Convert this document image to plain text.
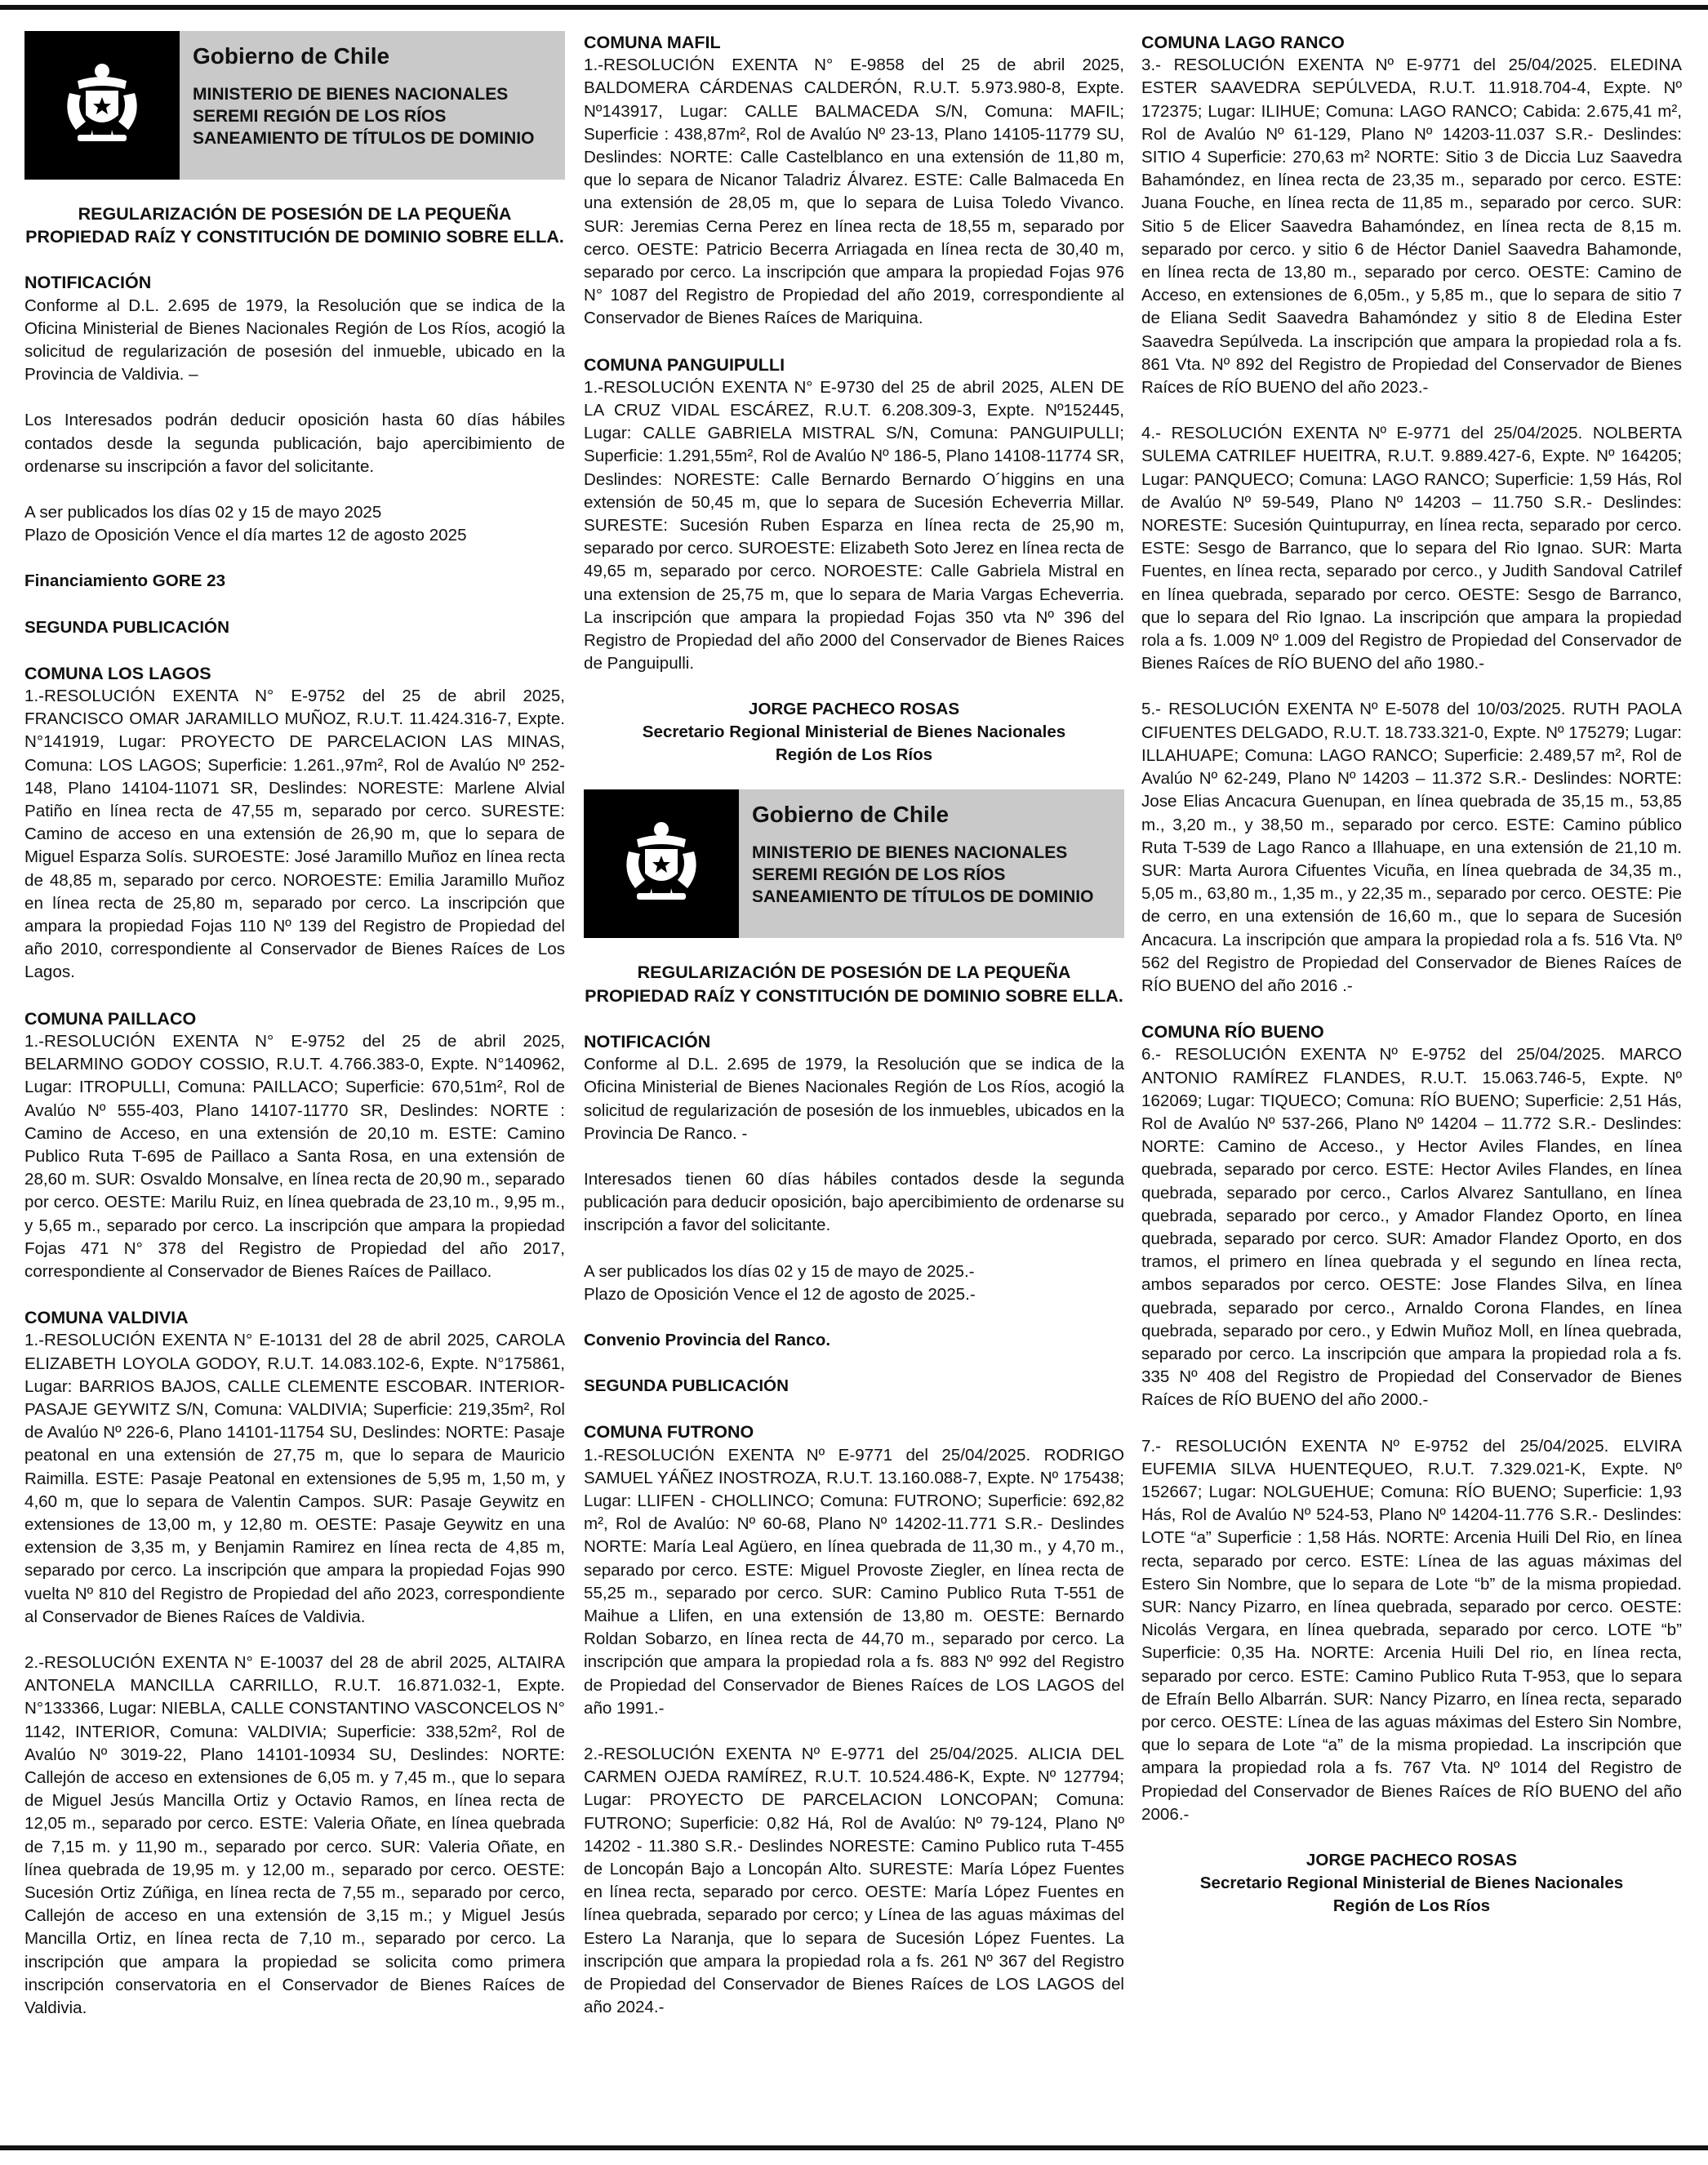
Gobierno de Chile
MINISTERIO DE BIENES NACIONALES
SEREMI REGIÓN DE LOS RÍOS
SANEAMIENTO DE TÍTULOS DE DOMINIO
REGULARIZACIÓN DE POSESIÓN DE LA PEQUEÑA
PROPIEDAD RAÍZ Y CONSTITUCIÓN DE DOMINIO SOBRE ELLA.
NOTIFICACIÓN

Conforme al D.L. 2.695 de 1979, la Resolución que se indica de la Oficina Ministerial de Bienes Nacionales Región de Los Ríos, acogió la solicitud de regularización de posesión del inmueble, ubicado en la Provincia de Valdivia. –

Los Interesados podrán deducir oposición hasta 60 días hábiles contados desde la segunda publicación, bajo apercibimiento de ordenarse su inscripción a favor del solicitante.

A ser publicados los días 02 y 15 de mayo 2025

Plazo de Oposición Vence el día martes 12 de agosto 2025

Financiamiento GORE 23

SEGUNDA PUBLICACIÓN

COMUNA LOS LAGOS

1.-RESOLUCIÓN EXENTA N° E-9752 del 25 de abril 2025, FRANCISCO OMAR JARAMILLO MUÑOZ, R.U.T. 11.424.316-7, Expte. N°141919, Lugar: PROYECTO DE PARCELACION LAS MINAS, Comuna: LOS LAGOS; Superficie: 1.261.,97m², Rol de Avalúo Nº 252-148, Plano 14104-11071 SR, Deslindes: NORESTE: Marlene Alvial Patiño en línea recta de 47,55 m, separado por cerco. SURESTE: Camino de acceso en una extensión de 26,90 m, que lo separa de Miguel Esparza Solís. SUROESTE: José Jaramillo Muñoz en línea recta de 48,85 m, separado por cerco. NOROESTE: Emilia Jaramillo Muñoz en línea recta de 25,80 m, separado por cerco. La inscripción que ampara la propiedad Fojas 110 Nº 139 del Registro de Propiedad del año 2010, correspondiente al Conservador de Bienes Raíces de Los Lagos.

COMUNA PAILLACO

1.-RESOLUCIÓN EXENTA N° E-9752 del 25 de abril 2025, BELARMINO GODOY COSSIO, R.U.T. 4.766.383-0, Expte. N°140962, Lugar: ITROPULLI, Comuna: PAILLACO; Superficie: 670,51m², Rol de Avalúo Nº 555-403, Plano 14107-11770 SR, Deslindes: NORTE : Camino de Acceso, en una extensión de 20,10 m. ESTE: Camino Publico Ruta T-695 de Paillaco a Santa Rosa, en una extensión de 28,60 m. SUR: Osvaldo Monsalve, en línea recta de 20,90 m., separado por cerco. OESTE: Marilu Ruiz, en línea quebrada de 23,10 m., 9,95 m., y 5,65 m., separado por cerco. La inscripción que ampara la propiedad Fojas 471 N° 378 del Registro de Propiedad del año 2017, correspondiente al Conservador de Bienes Raíces de Paillaco.

COMUNA VALDIVIA

1.-RESOLUCIÓN EXENTA N° E-10131 del 28 de abril 2025, CAROLA ELIZABETH LOYOLA GODOY, R.U.T. 14.083.102-6, Expte. N°175861, Lugar: BARRIOS BAJOS, CALLE CLEMENTE ESCOBAR. INTERIOR-PASAJE GEYWITZ S/N, Comuna: VALDIVIA; Superficie: 219,35m², Rol de Avalúo Nº 226-6, Plano 14101-11754 SU, Deslindes: NORTE: Pasaje peatonal en una extensión de 27,75 m, que lo separa de Mauricio Raimilla. ESTE: Pasaje Peatonal en extensiones de 5,95 m, 1,50 m, y 4,60 m, que lo separa de Valentin Campos. SUR: Pasaje Geywitz en extensiones de 13,00 m, y 12,80 m. OESTE: Pasaje Geywitz en una extension de 3,35 m, y Benjamin Ramirez en línea recta de 4,85 m, separado por cerco. La inscripción que ampara la propiedad Fojas 990 vuelta Nº 810 del Registro de Propiedad del año 2023, correspondiente al Conservador de Bienes Raíces de Valdivia.

2.-RESOLUCIÓN EXENTA N° E-10037 del 28 de abril 2025, ALTAIRA ANTONELA MANCILLA CARRILLO, R.U.T. 16.871.032-1, Expte. N°133366, Lugar: NIEBLA, CALLE CONSTANTINO VASCONCELOS N° 1142, INTERIOR, Comuna: VALDIVIA; Superficie: 338,52m², Rol de Avalúo Nº 3019-22, Plano 14101-10934 SU, Deslindes: NORTE: Callejón de acceso en extensiones de 6,05 m. y 7,45 m., que lo separa de Miguel Jesús Mancilla Ortiz y Octavio Ramos, en línea recta de 12,05 m., separado por cerco. ESTE: Valeria Oñate, en línea quebrada de 7,15 m. y 11,90 m., separado por cerco. SUR: Valeria Oñate, en línea quebrada de 19,95 m. y 12,00 m., separado por cerco. OESTE: Sucesión Ortiz Zúñiga, en línea recta de 7,55 m., separado por cerco, Callejón de acceso en una extensión de 3,15 m.; y Miguel Jesús Mancilla Ortiz, en línea recta de 7,10 m., separado por cerco. La inscripción que ampara la propiedad se solicita como primera inscripción conservatoria en el Conservador de Bienes Raíces de Valdivia.

COMUNA MAFIL

1.-RESOLUCIÓN EXENTA N° E-9858 del 25 de abril 2025, BALDOMERA CÁRDENAS CALDERÓN, R.U.T. 5.973.980-8, Expte. Nº143917, Lugar: CALLE BALMACEDA S/N, Comuna: MAFIL; Superficie : 438,87m², Rol de Avalúo Nº 23-13, Plano 14105-11779 SU, Deslindes: NORTE: Calle Castelblanco en una extensión de 11,80 m, que lo separa de Nicanor Taladriz Álvarez. ESTE: Calle Balmaceda En una extensión de 28,05 m, que lo separa de Luisa Toledo Vivanco. SUR: Jeremias Cerna Perez en línea recta de 18,55 m, separado por cerco. OESTE: Patricio Becerra Arriagada en línea recta de 30,40 m, separado por cerco. La inscripción que ampara la propiedad Fojas 976 N° 1087 del Registro de Propiedad del año 2019, correspondiente al Conservador de Bienes Raíces de Mariquina.

COMUNA PANGUIPULLI

1.-RESOLUCIÓN EXENTA N° E-9730 del 25 de abril 2025, ALEN DE LA CRUZ VIDAL ESCÁREZ, R.U.T. 6.208.309-3, Expte. Nº152445, Lugar: CALLE GABRIELA MISTRAL S/N, Comuna: PANGUIPULLI; Superficie: 1.291,55m², Rol de Avalúo Nº 186-5, Plano 14108-11774 SR, Deslindes: NORESTE: Calle Bernardo Bernardo O´higgins en una extensión de 50,45 m, que lo separa de Sucesión Echeverria Millar. SURESTE: Sucesión Ruben Esparza en línea recta de 25,90 m, separado por cerco. SUROESTE: Elizabeth Soto Jerez en línea recta de 49,65 m, separado por cerco. NOROESTE: Calle Gabriela Mistral en una extension de 25,75 m, que lo separa de Maria Vargas Echeverria. La inscripción que ampara la propiedad Fojas 350 vta Nº 396 del Registro de Propiedad del año 2000 del Conservador de Bienes Raices de Panguipulli.

JORGE PACHECO ROSAS
Secretario Regional Ministerial de Bienes Nacionales
Región de Los Ríos
Gobierno de Chile
MINISTERIO DE BIENES NACIONALES
SEREMI REGIÓN DE LOS RÍOS
SANEAMIENTO DE TÍTULOS DE DOMINIO
REGULARIZACIÓN DE POSESIÓN DE LA PEQUEÑA
PROPIEDAD RAÍZ Y CONSTITUCIÓN DE DOMINIO SOBRE ELLA.
NOTIFICACIÓN

Conforme al D.L. 2.695 de 1979, la Resolución que se indica de la Oficina Ministerial de Bienes Nacionales Región de Los Ríos, acogió la solicitud de regularización de posesión de los inmuebles, ubicados en la Provincia De Ranco. -

Interesados tienen 60 días hábiles contados desde la segunda publicación para deducir oposición, bajo apercibimiento de ordenarse su inscripción a favor del solicitante.

A ser publicados los días 02 y 15 de mayo de 2025.-

Plazo de Oposición Vence el 12 de agosto de 2025.-

Convenio Provincia del Ranco.

SEGUNDA PUBLICACIÓN

COMUNA FUTRONO

1.-RESOLUCIÓN EXENTA Nº E-9771 del 25/04/2025. RODRIGO SAMUEL YÁÑEZ INOSTROZA, R.U.T. 13.160.088-7, Expte. Nº 175438; Lugar: LLIFEN - CHOLLINCO; Comuna: FUTRONO; Superficie: 692,82 m², Rol de Avalúo: Nº 60-68, Plano Nº 14202-11.771 S.R.- Deslindes NORTE: María Leal Agüero, en línea quebrada de 11,30 m., y 4,70 m., separado por cerco. ESTE: Miguel Provoste Ziegler, en línea recta de 55,25 m., separado por cerco. SUR: Camino Publico Ruta T-551 de Maihue a Llifen, en una extensión de 13,80 m. OESTE: Bernardo Roldan Sobarzo, en línea recta de 44,70 m., separado por cerco. La inscripción que ampara la propiedad rola a fs. 883 Nº 992 del Registro de Propiedad del Conservador de Bienes Raíces de LOS LAGOS del año 1991.-

2.-RESOLUCIÓN EXENTA Nº E-9771 del 25/04/2025. ALICIA DEL CARMEN OJEDA RAMÍREZ, R.U.T. 10.524.486-K, Expte. Nº 127794; Lugar: PROYECTO DE PARCELACION LONCOPAN; Comuna: FUTRONO; Superficie: 0,82 Há, Rol de Avalúo: Nº 79-124, Plano Nº 14202 - 11.380 S.R.- Deslindes NORESTE: Camino Publico ruta T-455 de Loncopán Bajo a Loncopán Alto. SURESTE: María López Fuentes en línea recta, separado por cerco. OESTE: María López Fuentes en línea quebrada, separado por cerco; y Línea de las aguas máximas del Estero La Naranja, que lo separa de Sucesión López Fuentes. La inscripción que ampara la propiedad rola a fs. 261 Nº 367 del Registro de Propiedad del Conservador de Bienes Raíces de LOS LAGOS del año 2024.-

COMUNA LAGO RANCO

3.- RESOLUCIÓN EXENTA Nº E-9771 del 25/04/2025. ELEDINA ESTER SAAVEDRA SEPÚLVEDA, R.U.T. 11.918.704-4, Expte. Nº 172375; Lugar: ILIHUE; Comuna: LAGO RANCO; Cabida: 2.675,41 m², Rol de Avalúo Nº 61-129, Plano Nº 14203-11.037 S.R.- Deslindes: SITIO 4 Superficie: 270,63 m² NORTE: Sitio 3 de Diccia Luz Saavedra Bahamóndez, en línea recta de 23,35 m., separado por cerco. ESTE: Juana Fouche, en línea recta de 11,85 m., separado por cerco. SUR: Sitio 5 de Elicer Saavedra Bahamóndez, en línea recta de 8,15 m. separado por cerco. y sitio 6 de Héctor Daniel Saavedra Bahamonde, en línea recta de 13,80 m., separado por cerco. OESTE: Camino de Acceso, en extensiones de 6,05m., y 5,85 m., que lo separa de sitio 7 de Eliana Sedit Saavedra Bahamóndez y sitio 8 de Eledina Ester Saavedra Sepúlveda. La inscripción que ampara la propiedad rola a fs. 861 Vta. Nº 892 del Registro de Propiedad del Conservador de Bienes Raíces de RÍO BUENO del año 2023.-

4.- RESOLUCIÓN EXENTA Nº E-9771 del 25/04/2025. NOLBERTA SULEMA CATRILEF HUEITRA, R.U.T. 9.889.427-6, Expte. Nº 164205; Lugar: PANQUECO; Comuna: LAGO RANCO; Superficie: 1,59 Hás, Rol de Avalúo Nº 59-549, Plano Nº 14203 – 11.750 S.R.- Deslindes: NORESTE: Sucesión Quintupurray, en línea recta, separado por cerco. ESTE: Sesgo de Barranco, que lo separa del Rio Ignao. SUR: Marta Fuentes, en línea recta, separado por cerco., y Judith Sandoval Catrilef en línea quebrada, separado por cerco. OESTE: Sesgo de Barranco, que lo separa del Rio Ignao. La inscripción que ampara la propiedad rola a fs. 1.009 Nº 1.009 del Registro de Propiedad del Conservador de Bienes Raíces de RÍO BUENO del año 1980.-

5.- RESOLUCIÓN EXENTA Nº E-5078 del 10/03/2025. RUTH PAOLA CIFUENTES DELGADO, R.U.T. 18.733.321-0, Expte. Nº 175279; Lugar: ILLAHUAPE; Comuna: LAGO RANCO; Superficie: 2.489,57 m², Rol de Avalúo Nº 62-249, Plano Nº 14203 – 11.372 S.R.- Deslindes: NORTE: Jose Elias Ancacura Guenupan, en línea quebrada de 35,15 m., 53,85 m., 3,20 m., y 38,50 m., separado por cerco. ESTE: Camino público Ruta T-539 de Lago Ranco a Illahuape, en una extensión de 21,10 m. SUR: Marta Aurora Cifuentes Vicuña, en línea quebrada de 34,35 m., 5,05 m., 63,80 m., 1,35 m., y 22,35 m., separado por cerco. OESTE: Pie de cerro, en una extensión de 16,60 m., que lo separa de Sucesión Ancacura. La inscripción que ampara la propiedad rola a fs. 516 Vta. Nº 562 del Registro de Propiedad del Conservador de Bienes Raíces de RÍO BUENO del año 2016 .-

COMUNA RÍO BUENO

6.- RESOLUCIÓN EXENTA Nº E-9752 del 25/04/2025. MARCO ANTONIO RAMÍREZ FLANDES, R.U.T. 15.063.746-5, Expte. Nº 162069; Lugar: TIQUECO; Comuna: RÍO BUENO; Superficie: 2,51 Hás, Rol de Avalúo Nº 537-266, Plano Nº 14204 – 11.772 S.R.- Deslindes: NORTE: Camino de Acceso., y Hector Aviles Flandes, en línea quebrada, separado por cerco. ESTE: Hector Aviles Flandes, en línea quebrada, separado por cerco., Carlos Alvarez Santullano, en línea quebrada, separado por cerco., y Amador Flandez Oporto, en línea quebrada, separado por cerco. SUR: Amador Flandez Oporto, en dos tramos, el primero en línea quebrada y el segundo en línea recta, ambos separados por cerco. OESTE: Jose Flandes Silva, en línea quebrada, separado por cerco., Arnaldo Corona Flandes, en línea quebrada, separado por cero., y Edwin Muñoz Moll, en línea quebrada, separado por cerco. La inscripción que ampara la propiedad rola a fs. 335 Nº 408 del Registro de Propiedad del Conservador de Bienes Raíces de RÍO BUENO del año 2000.-

7.- RESOLUCIÓN EXENTA Nº E-9752 del 25/04/2025. ELVIRA EUFEMIA SILVA HUENTEQUEO, R.U.T. 7.329.021-K, Expte. Nº 152667; Lugar: NOLGUEHUE; Comuna: RÍO BUENO; Superficie: 1,93 Hás, Rol de Avalúo Nº 524-53, Plano Nº 14204-11.776 S.R.- Deslindes: LOTE “a” Superficie : 1,58 Hás. NORTE: Arcenia Huili Del Rio, en línea recta, separado por cerco. ESTE: Línea de las aguas máximas del Estero Sin Nombre, que lo separa de Lote “b” de la misma propiedad. SUR: Nancy Pizarro, en línea quebrada, separado por cerco. OESTE: Nicolás Vergara, en línea quebrada, separado por cerco. LOTE “b” Superficie: 0,35 Ha. NORTE: Arcenia Huili Del rio, en línea recta, separado por cerco. ESTE: Camino Publico Ruta T-953, que lo separa de Efraín Bello Albarrán. SUR: Nancy Pizarro, en línea recta, separado por cerco. OESTE: Línea de las aguas máximas del Estero Sin Nombre, que lo separa de Lote “a” de la misma propiedad. La inscripción que ampara la propiedad rola a fs. 767 Vta. Nº 1014 del Registro de Propiedad del Conservador de Bienes Raíces de RÍO BUENO del año 2006.-

JORGE PACHECO ROSAS
Secretario Regional Ministerial de Bienes Nacionales
Región de Los Ríos
